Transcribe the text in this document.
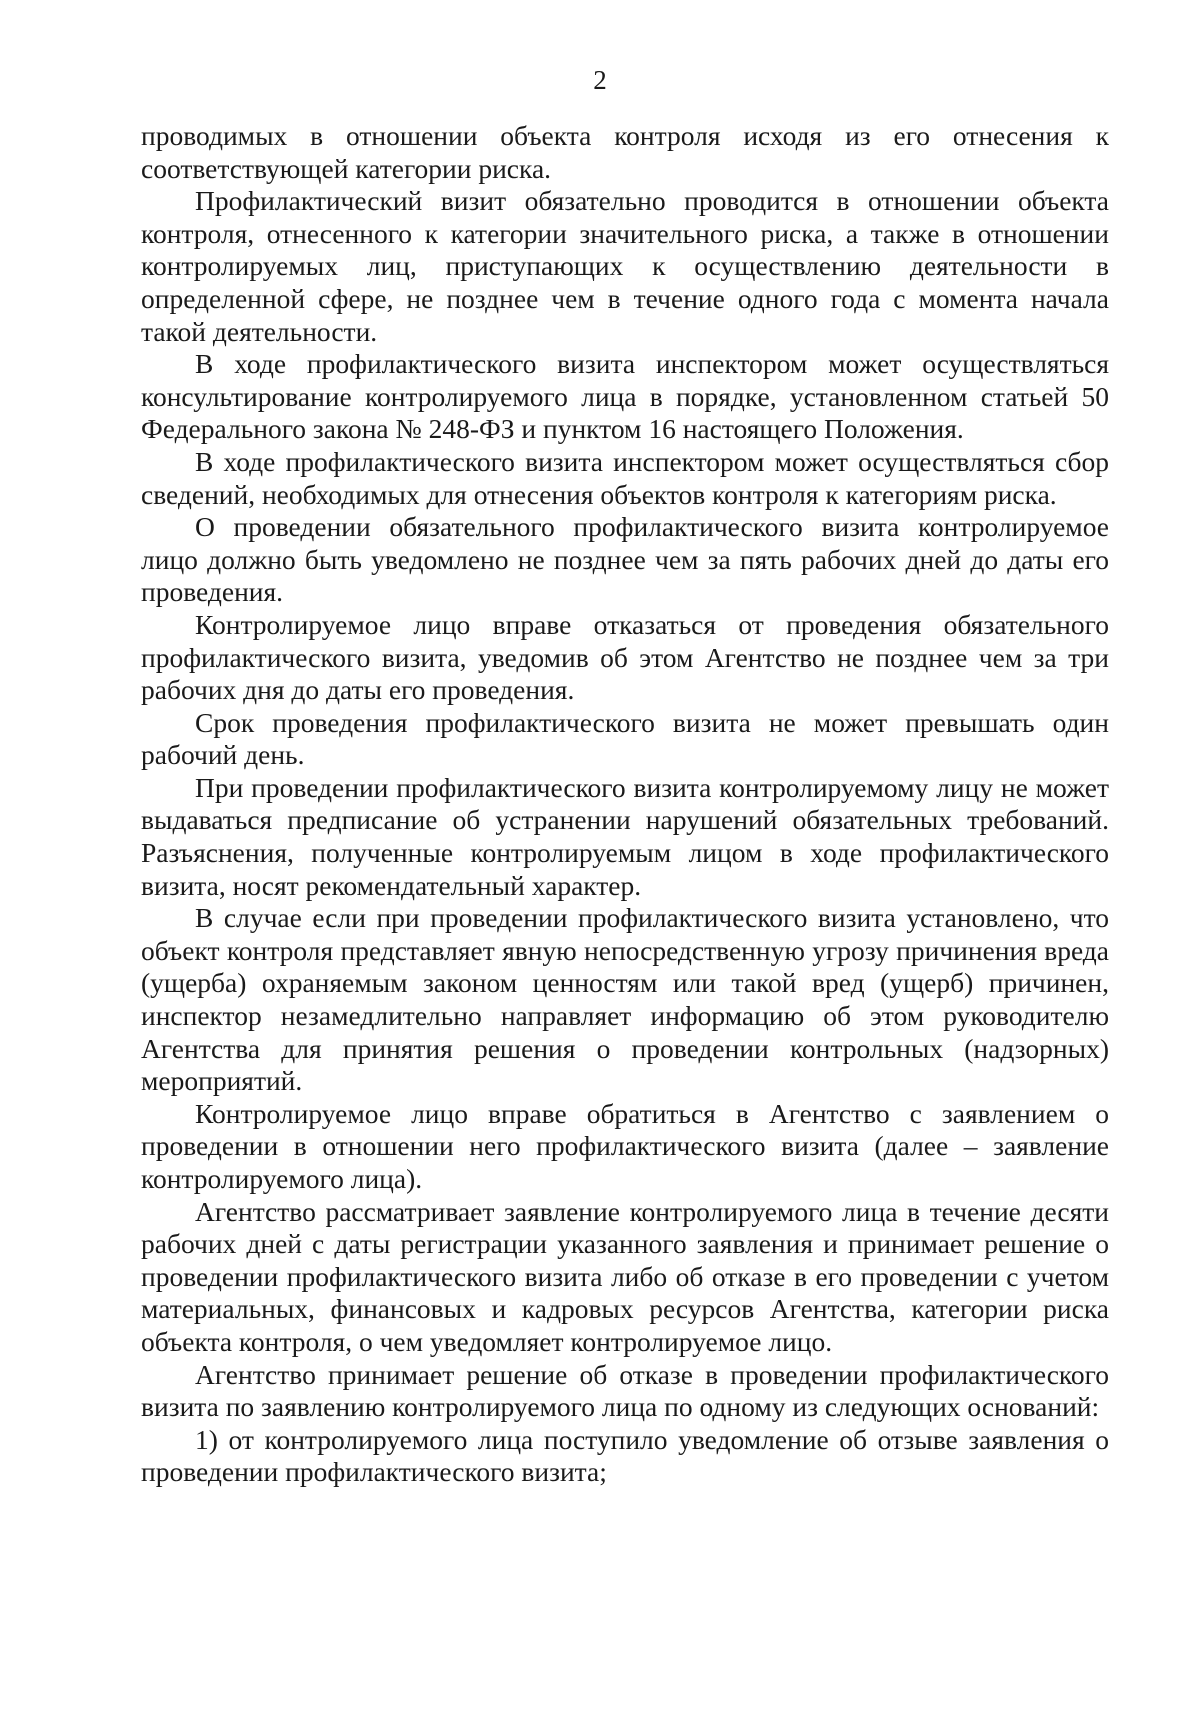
2

проводимых в отношении объекта контроля исходя из его отнесения к соответствующей категории риска.

Профилактический визит обязательно проводится в отношении объекта контроля, отнесенного к категории значительного риска, а также в отношении контролируемых лиц, приступающих к осуществлению деятельности в определенной сфере, не позднее чем в течение одного года с момента начала такой деятельности.

В ходе профилактического визита инспектором может осуществляться консультирование контролируемого лица в порядке, установленном статьей 50 Федерального закона № 248-ФЗ и пунктом 16 настоящего Положения.

В ходе профилактического визита инспектором может осуществляться сбор сведений, необходимых для отнесения объектов контроля к категориям риска.

О проведении обязательного профилактического визита контролируемое лицо должно быть уведомлено не позднее чем за пять рабочих дней до даты его проведения.

Контролируемое лицо вправе отказаться от проведения обязательного профилактического визита, уведомив об этом Агентство не позднее чем за три рабочих дня до даты его проведения.

Срок проведения профилактического визита не может превышать один рабочий день.

При проведении профилактического визита контролируемому лицу не может выдаваться предписание об устранении нарушений обязательных требований. Разъяснения, полученные контролируемым лицом в ходе профилактического визита, носят рекомендательный характер.

В случае если при проведении профилактического визита установлено, что объект контроля представляет явную непосредственную угрозу причинения вреда (ущерба) охраняемым законом ценностям или такой вред (ущерб) причинен, инспектор незамедлительно направляет информацию об этом руководителю Агентства для принятия решения о проведении контрольных (надзорных) мероприятий.

Контролируемое лицо вправе обратиться в Агентство с заявлением о проведении в отношении него профилактического визита (далее – заявление контролируемого лица).

Агентство рассматривает заявление контролируемого лица в течение десяти рабочих дней с даты регистрации указанного заявления и принимает решение о проведении профилактического визита либо об отказе в его проведении с учетом материальных, финансовых и кадровых ресурсов Агентства, категории риска объекта контроля, о чем уведомляет контролируемое лицо.

Агентство принимает решение об отказе в проведении профилактического визита по заявлению контролируемого лица по одному из следующих оснований:

1) от контролируемого лица поступило уведомление об отзыве заявления о проведении профилактического визита;
